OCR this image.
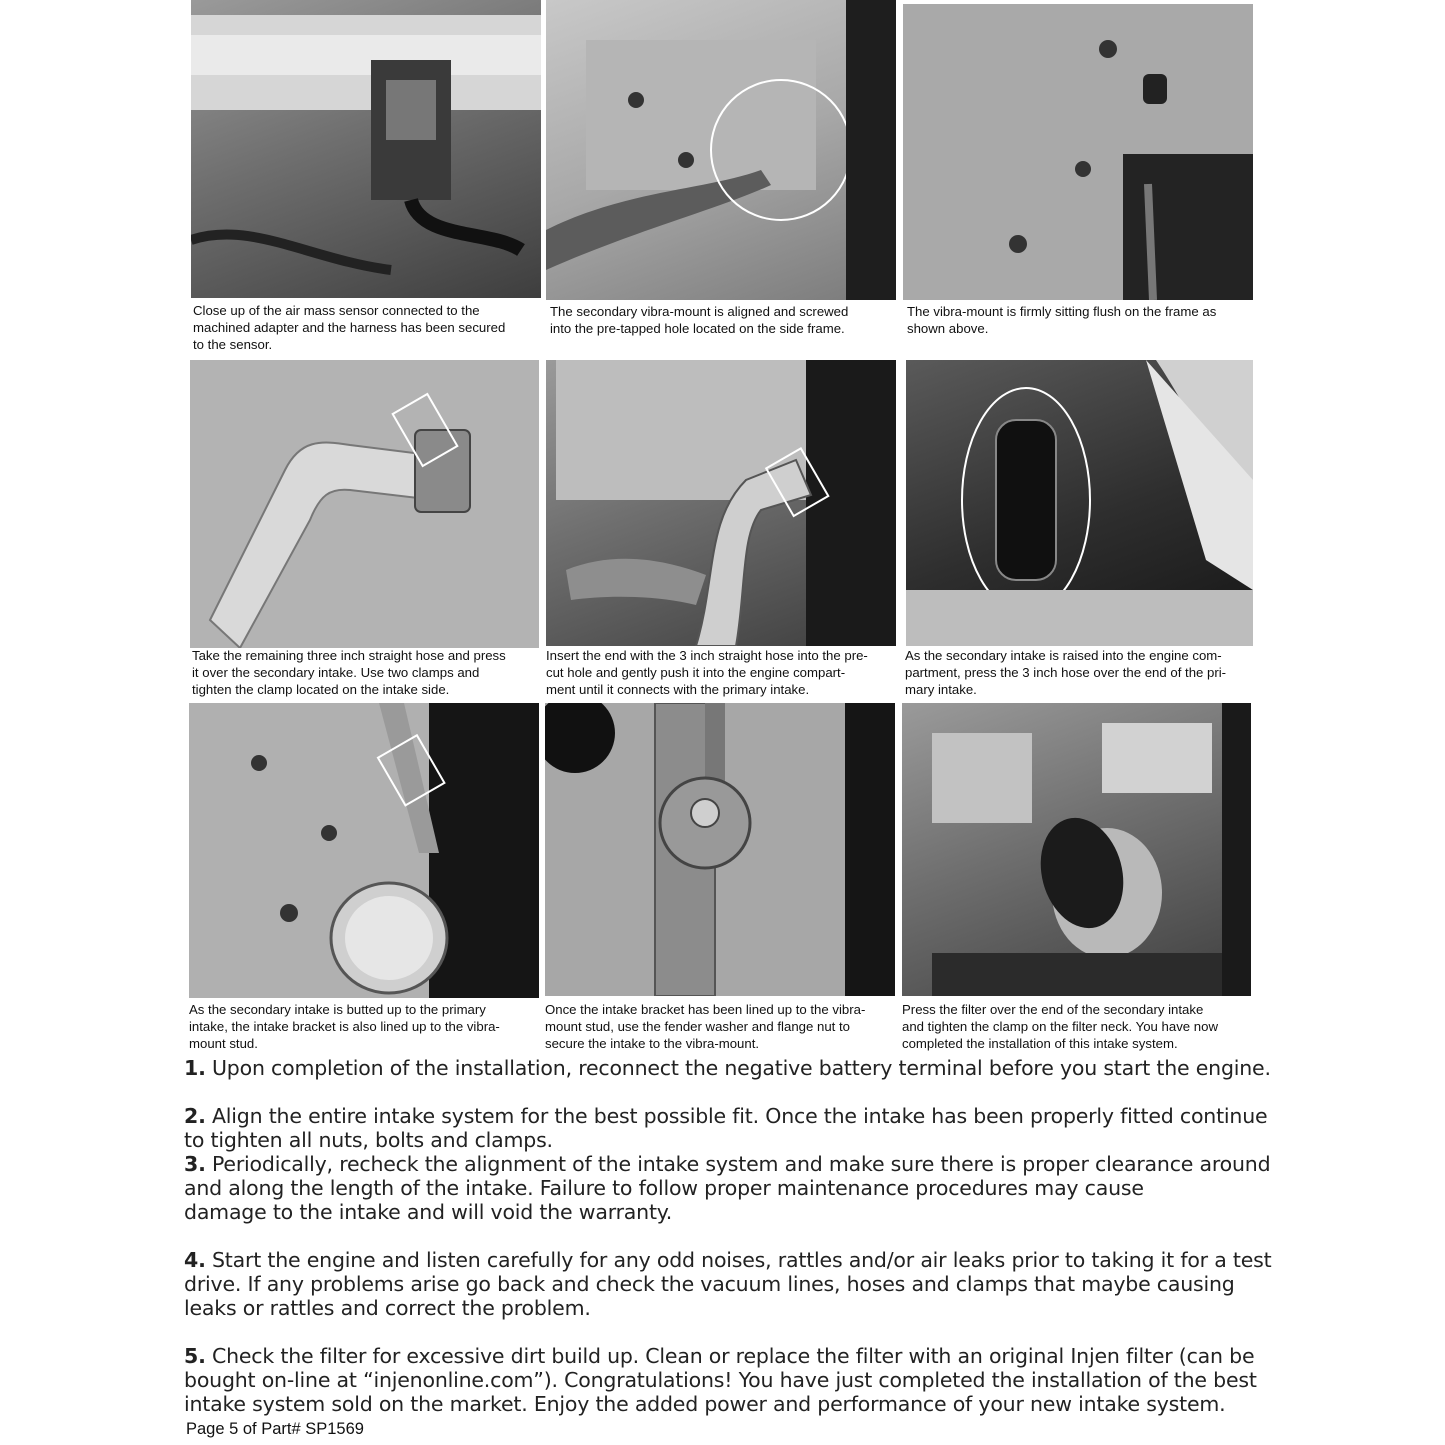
Close up of the air mass sensor connected to the
machined adapter and the harness has been secured
to the sensor.
The secondary vibra-mount is aligned and screwed
into the pre-tapped hole located on the side frame.
The vibra-mount is firmly sitting flush on the frame as
shown above.
Take the remaining three inch straight hose and press
it over the secondary intake. Use two clamps and
tighten the clamp located on the intake side.
Insert the end with the 3 inch straight hose into the pre-
cut hole and gently push it into the engine compart-
ment until it connects with the primary intake.
As the secondary intake is raised into the engine com-
partment, press the 3 inch hose over the end of the pri-
mary intake.
As the secondary intake is butted up to the primary
intake, the intake bracket is also lined up to the vibra-
mount stud.
Once the intake bracket has been lined up to the vibra-
mount stud, use the fender washer and flange nut to
secure the intake to the vibra-mount.
Press the filter over the end of the secondary intake
and tighten the clamp on the filter neck. You have now
completed the installation of this intake system.
1. Upon completion of the installation, reconnect the negative battery terminal before you start the engine.
2. Align the entire intake system for the best possible fit. Once the intake has been properly fitted continue
to tighten all nuts, bolts and clamps.
3. Periodically, recheck the alignment of the intake system and make sure there is proper clearance around
and along the length of the intake. Failure to follow proper maintenance procedures may cause
damage to the intake and will void the warranty.
4. Start the engine and listen carefully for any odd noises, rattles and/or air leaks prior to taking it for a test
drive. If any problems arise go back and check the vacuum lines, hoses and clamps that maybe causing
leaks or rattles and correct the problem.
5. Check the filter for excessive dirt build up. Clean or replace the filter with an original Injen filter (can be
bought on-line at “injenonline.com”). Congratulations! You have just completed the installation of the best
intake system sold on the market. Enjoy the added power and performance of your new intake system.
Page 5 of Part# SP1569
